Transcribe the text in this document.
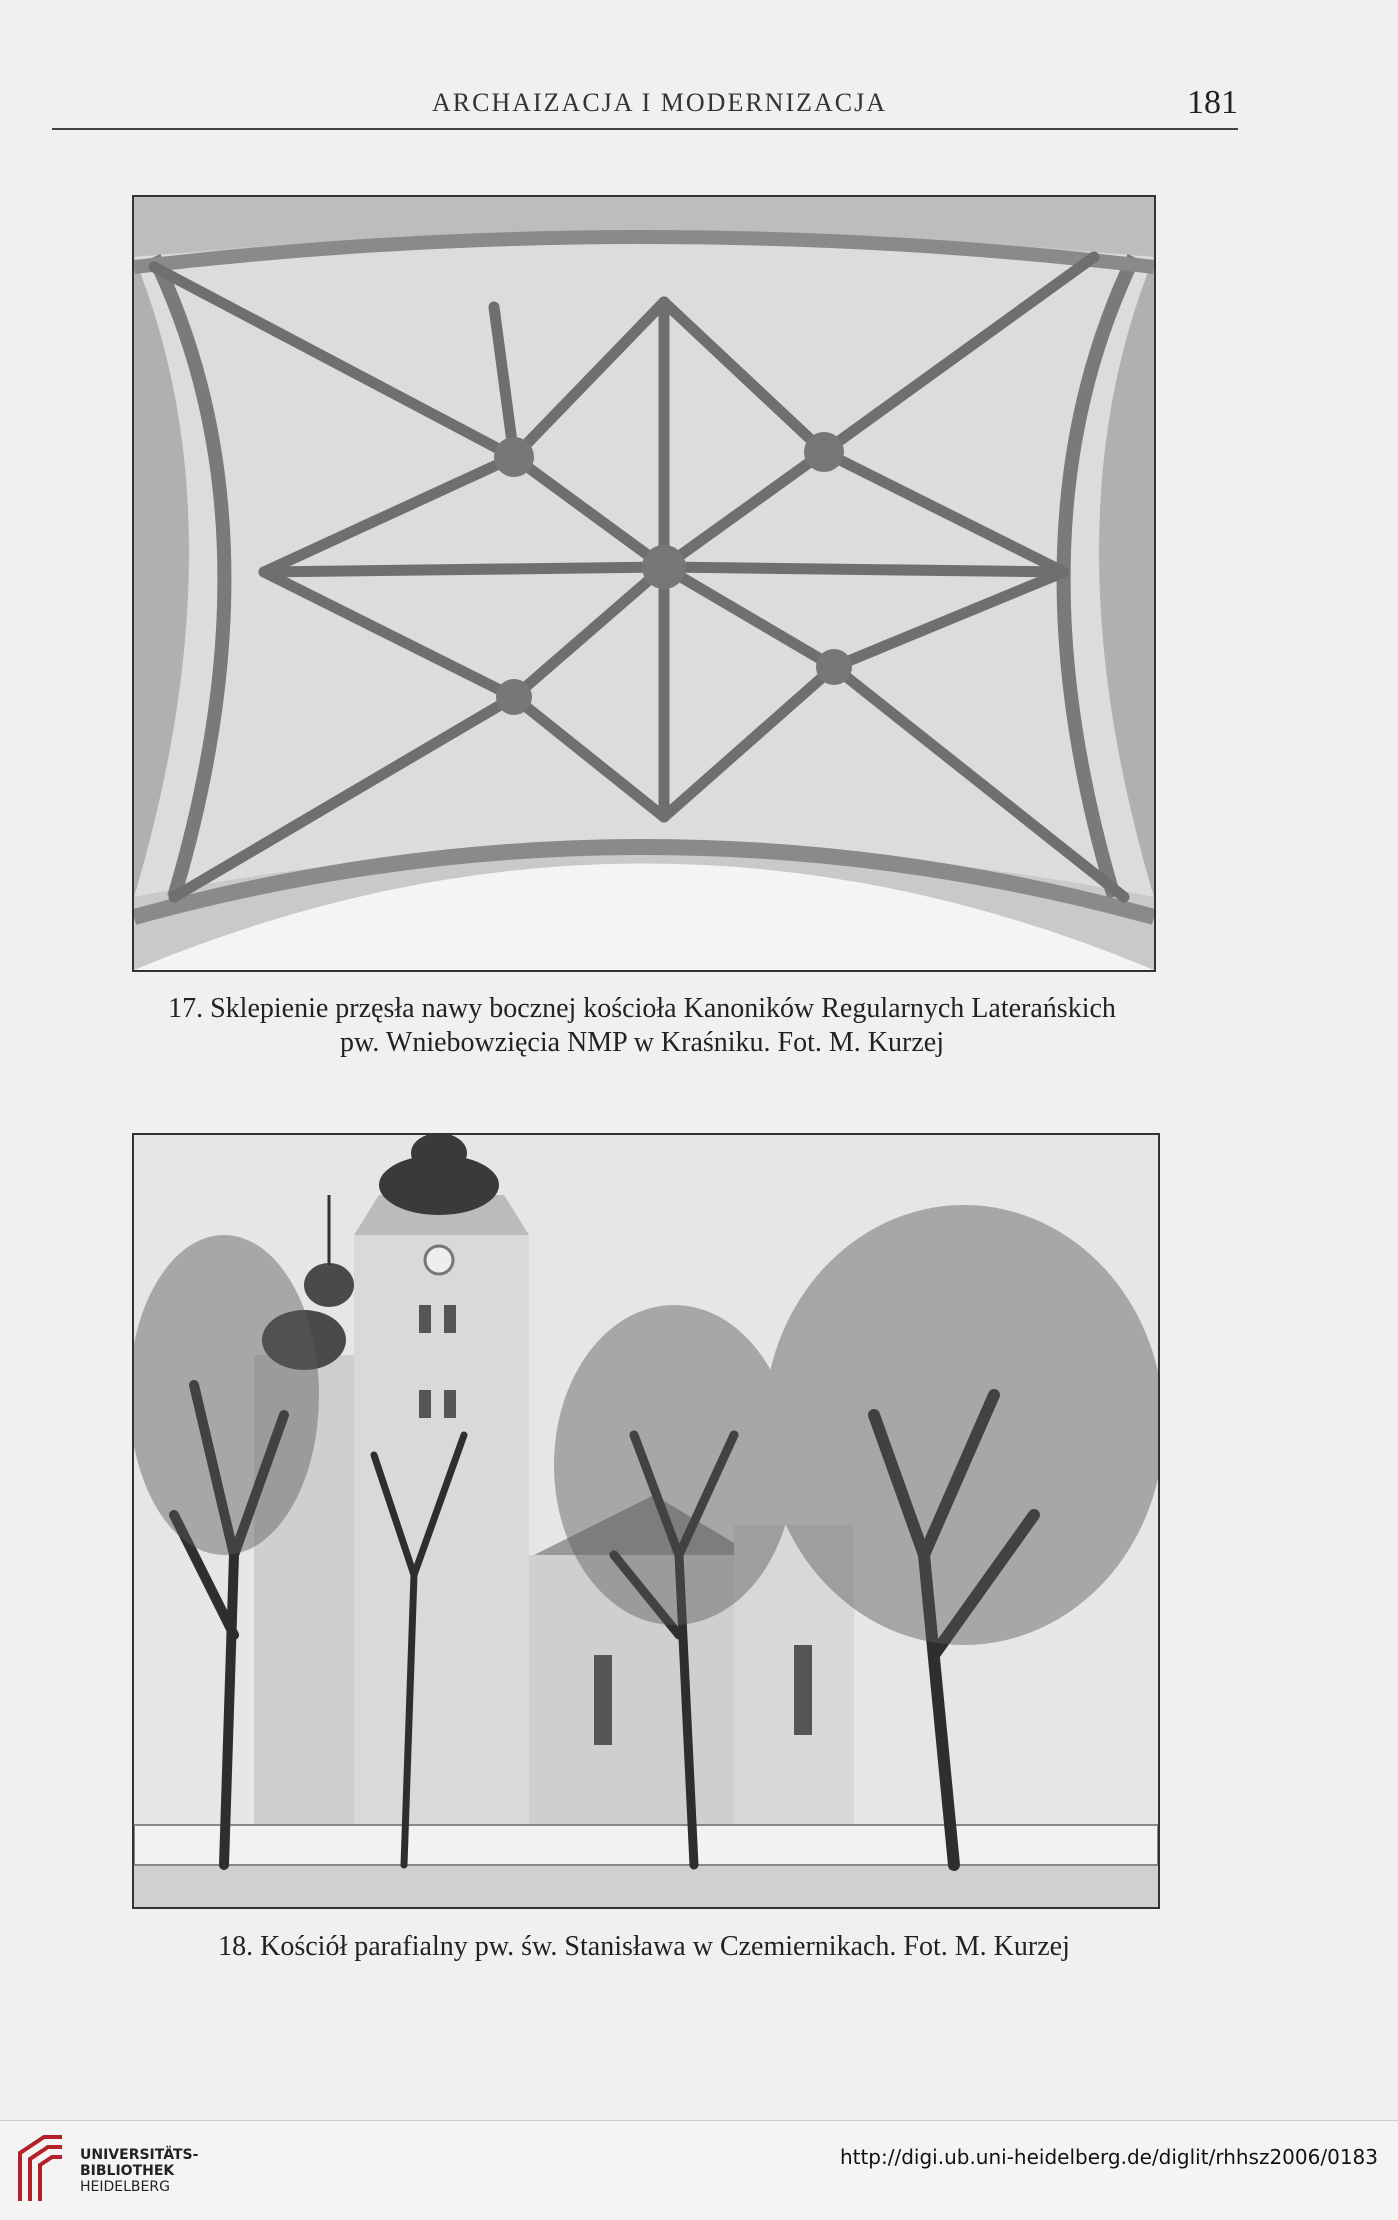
ARCHAIZACJA I MODERNIZACJA	181
17. Sklepienie przęsła nawy bocznej kościoła Kanoników Regularnych Laterańskich
pw. Wniebowzięcia NMP w Kraśniku. Fot. M. Kurzej
18. Kościół parafialny pw. św. Stanisława w Czemiernikach. Fot. M. Kurzej
UNIVERSITÄTS-
BIBLIOTHEK
HEIDELBERG
http://digi.ub.uni-heidelberg.de/diglit/rhhsz2006/0183
